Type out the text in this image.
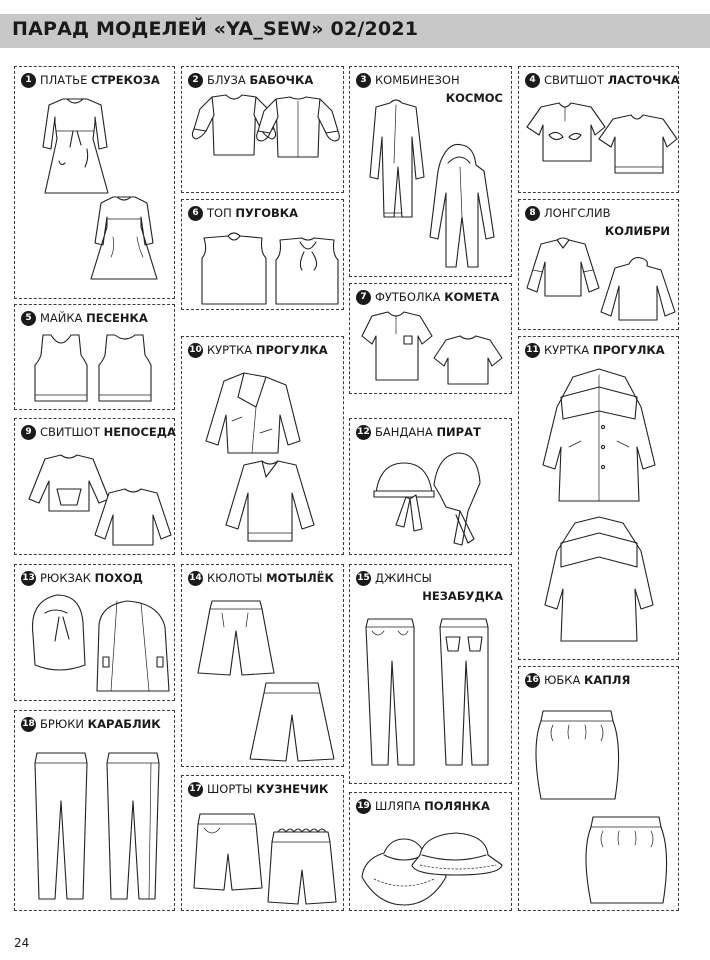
ПАРАД МОДЕЛЕЙ «YA_SEW» 02/2021
1 ПЛАТЬЕ СТРЕКОЗА	2 БЛУЗА БАБОЧКА	3 КОМБИНЕЗОН
КОСМОС
4 СВИТШОТ ЛАСТОЧКА
5 МАЙКА ПЕСЕНКА
6 ТОП ПУГОВКА
7 ФУТБОЛКА КОМЕТА
8 ЛОНГСЛИВ
КОЛИБРИ
9 СВИТШОТ НЕПОСЕДА
10 КУРТКА ПРОГУЛКА	11 КУРТКА ПРОГУЛКА
12 БАНДАНА ПИРАТ
13 РЮКЗАК ПОХОД	14 КЮЛОТЫ МОТЫЛЁК	15 ДЖИНСЫ
НЕЗАБУДКА
16 ЮБКА КАПЛЯ
17 ШОРТЫ КУЗНЕЧИК
18 БРЮКИ КАРАБЛИК
19 ШЛЯПА ПОЛЯНКА
24
